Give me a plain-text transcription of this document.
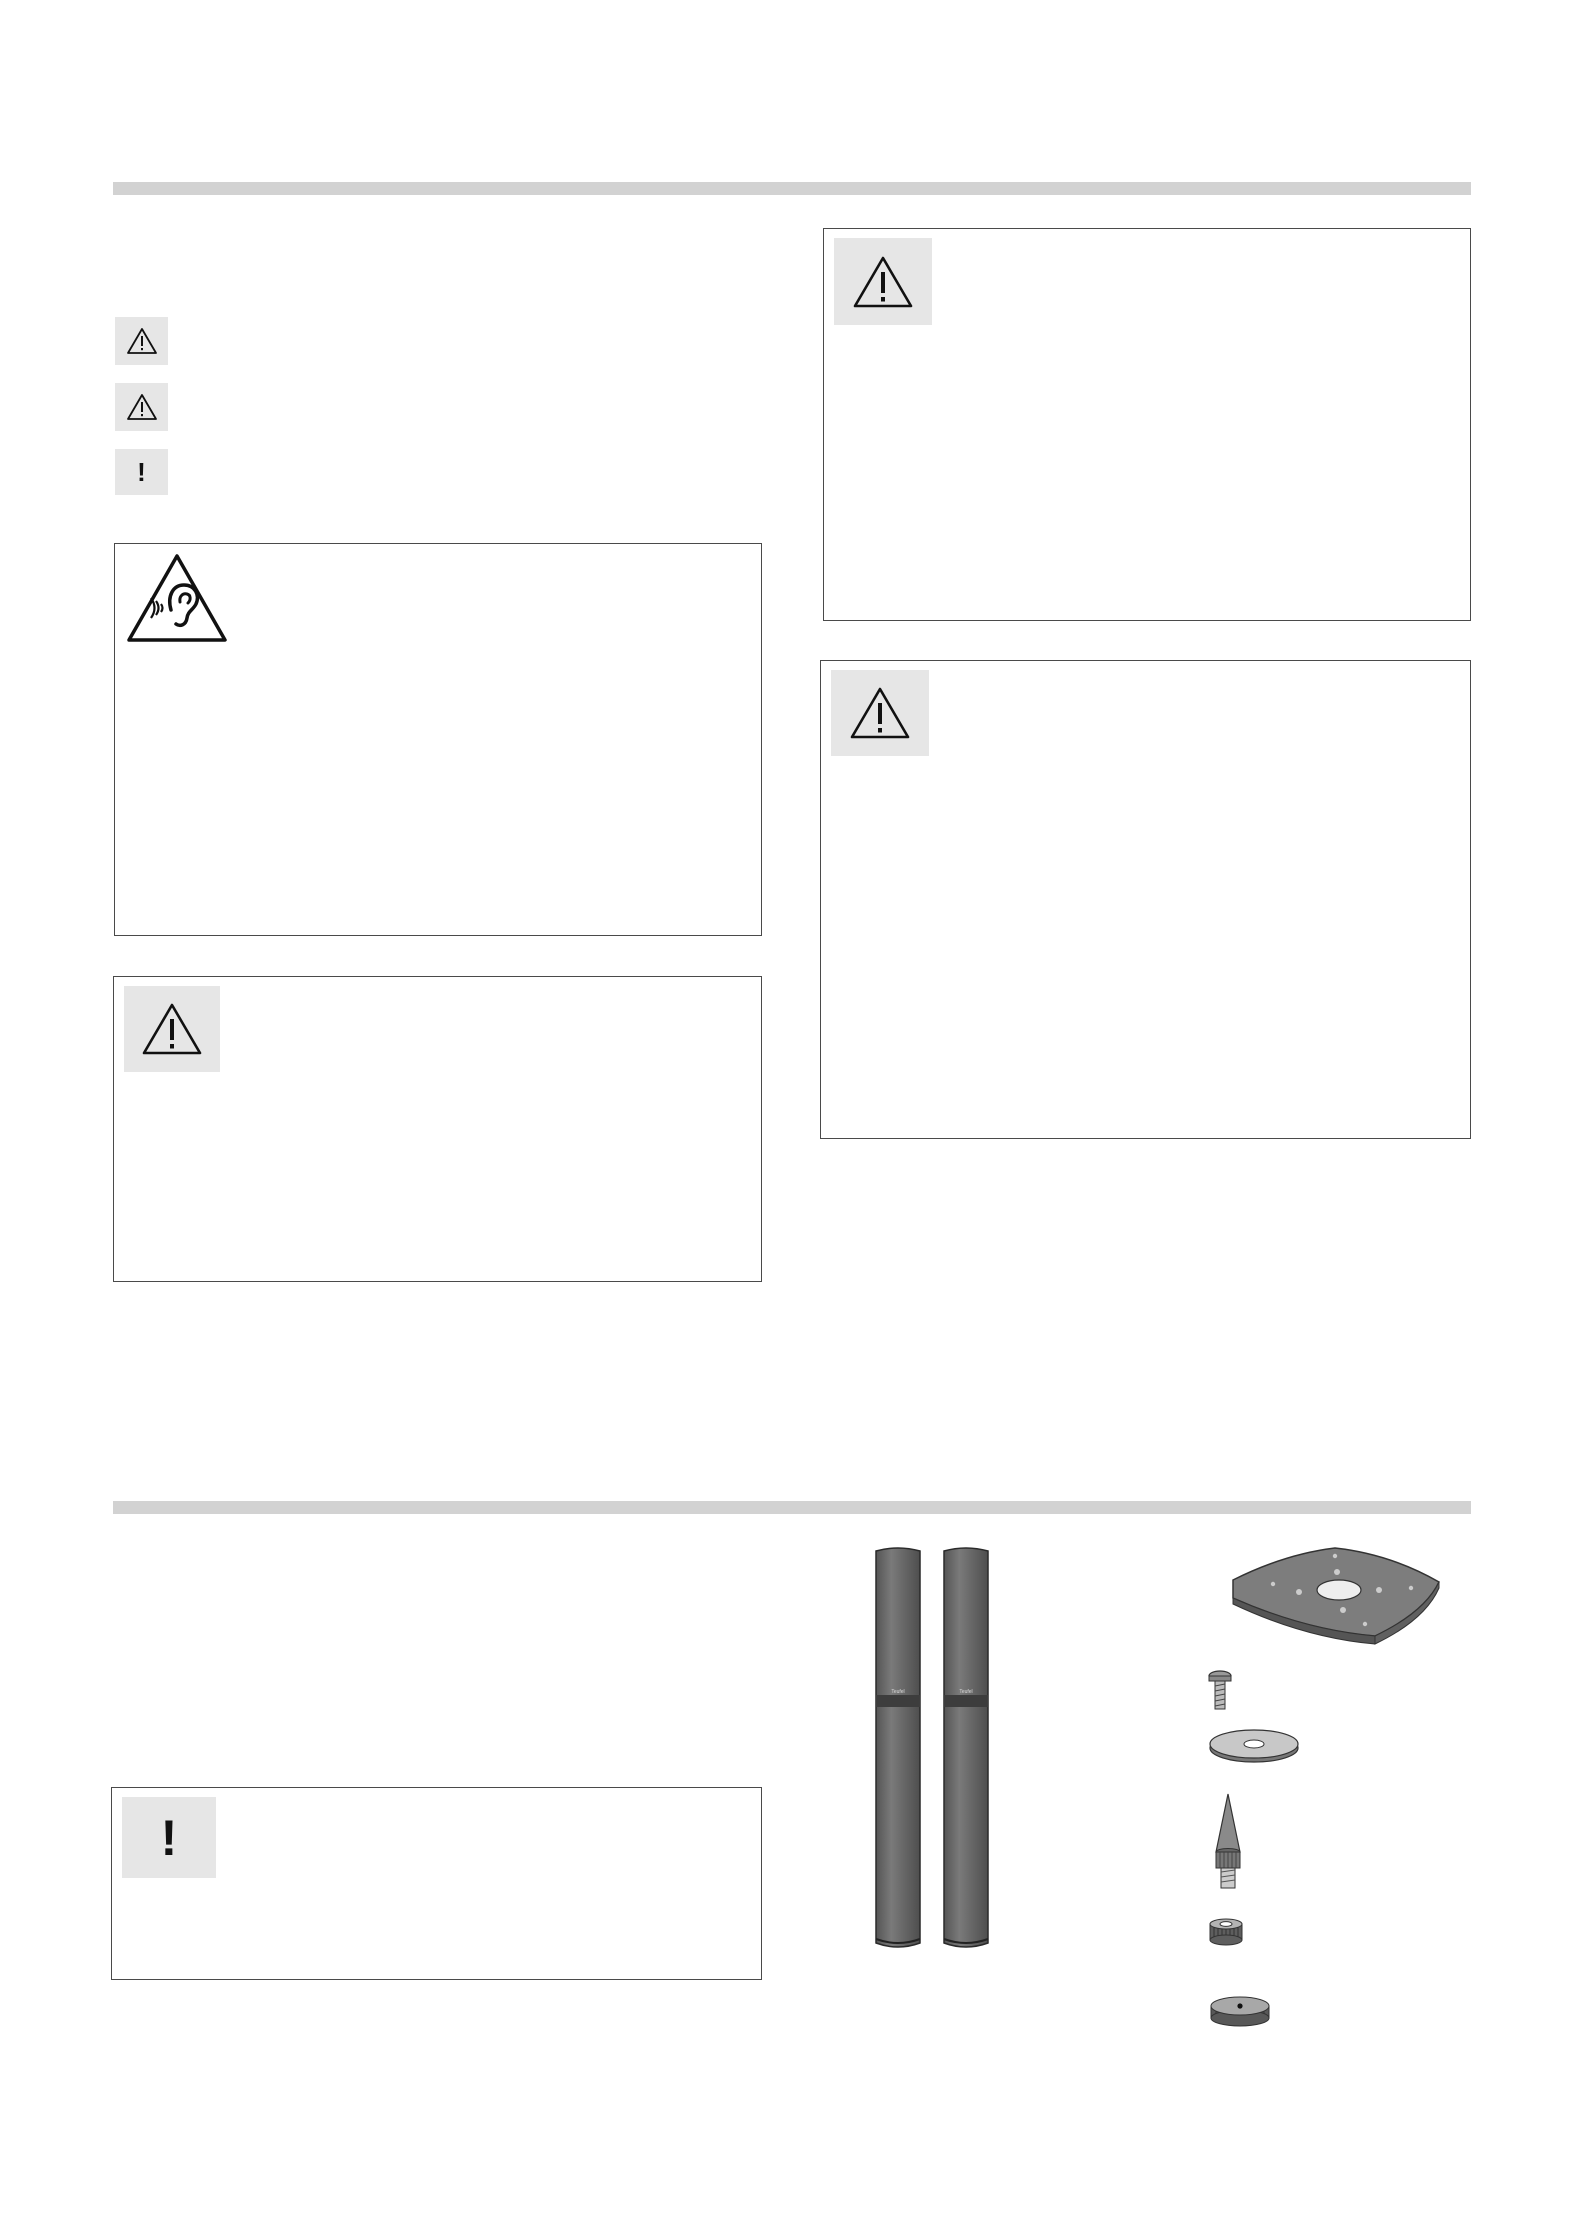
!
!
Teufel	Teufel
